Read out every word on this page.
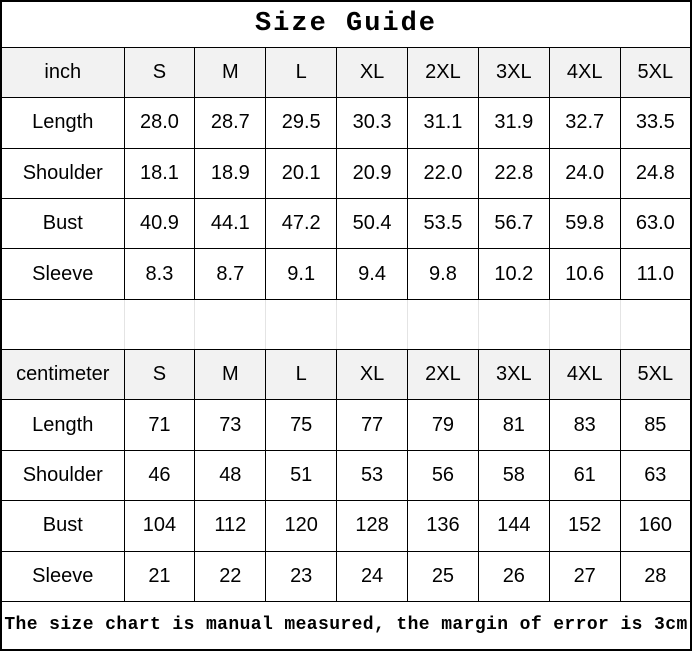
Size Guide								
inch	S	M	L	XL	2XL	3XL	4XL	5XL
Length	28.0	28.7	29.5	30.3	31.1	31.9	32.7	33.5
Shoulder	18.1	18.9	20.1	20.9	22.0	22.8	24.0	24.8
Bust	40.9	44.1	47.2	50.4	53.5	56.7	59.8	63.0
Sleeve	8.3	8.7	9.1	9.4	9.8	10.2	10.6	11.0

centimeter	S	M	L	XL	2XL	3XL	4XL	5XL
Length	71	73	75	77	79	81	83	85
Shoulder	46	48	51	53	56	58	61	63
Bust	104	112	120	128	136	144	152	160
Sleeve	21	22	23	24	25	26	27	28
The size chart is manual measured, the margin of error is 3cm								
